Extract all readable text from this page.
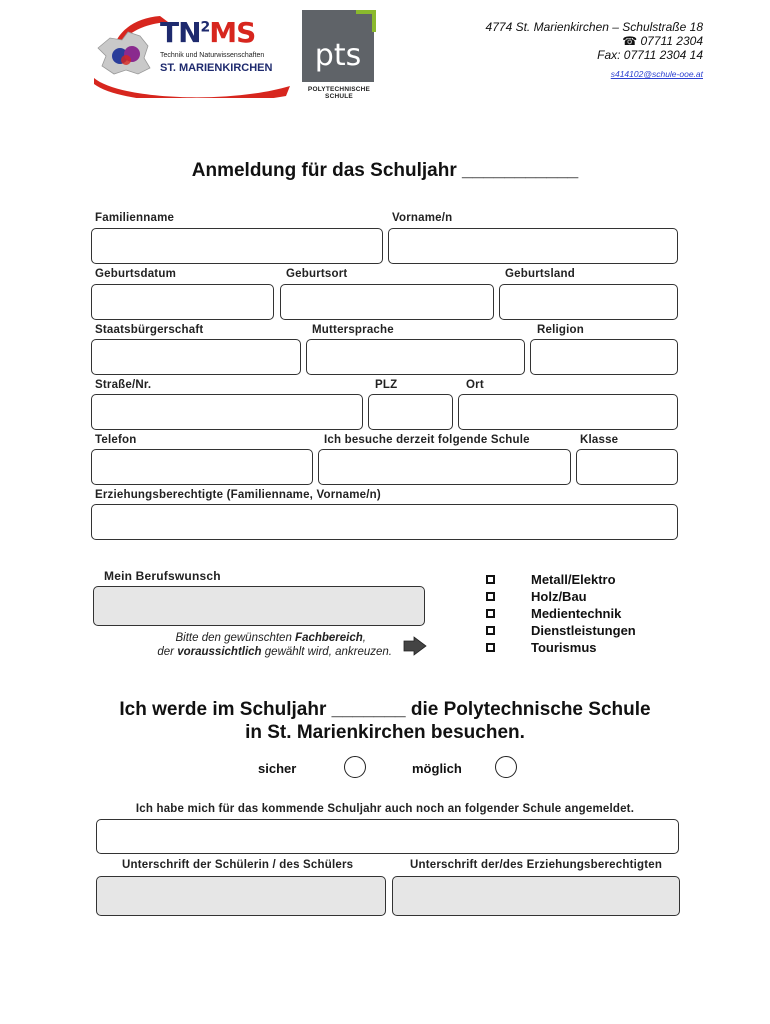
$TN^2MS$
Technik und Naturwissenschaften
ST. MARIENKIRCHEN pts
POLYTECHNISCHE SCHULE
4774 St. Marienkirchen – Schulstraße 18
☎ 07711 2304
Fax: 07711 2304 14
s414102@schule-ooe.at
Anmeldung für das Schuljahr ___________
Familienname	Vorname/n
Geburtsdatum	Geburtsort	Geburtsland
Staatsbürgerschaft	Muttersprache	Religion
Straße/Nr.	PLZ	Ort
Telefon	Ich besuche derzeit folgende Schule	Klasse
Erziehungsberechtigte (Familienname, Vorname/n)
Mein Berufswunsch
Bitte den gewünschten Fachbereich,
der voraussichtlich gewählt wird, ankreuzen.
Metall/Elektro
Holz/Bau
Medientechnik
Dienstleistungen
Tourismus
Ich werde im Schuljahr _______ die Polytechnische Schule
in St. Marienkirchen besuchen.
sicher	möglich
Ich habe mich für das kommende Schuljahr auch noch an folgender Schule angemeldet.
Unterschrift der Schülerin / des Schülers	Unterschrift der/des Erziehungsberechtigten
